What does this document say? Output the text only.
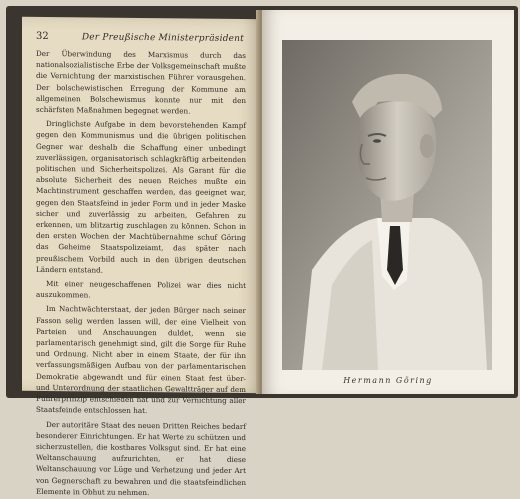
32	Der Preußische Ministerpräsident

Der Überwindung des Marxismus durch das nationalsozialistische Erbe der Volksgemeinschaft mußte die Vernichtung der marxistischen Führer vorausgehen. Der bolschewistischen Erregung der Kommune am allgemeinen Bolschewismus konnte nur mit den schärfsten Maßnahmen begegnet werden.

Dringlichste Aufgabe in dem bevorstehenden Kampf gegen den Kommunismus und die übrigen politischen Gegner war deshalb die Schaffung einer unbedingt zuverlässigen, organisatorisch schlagkräftig arbeitenden politischen und Sicherheitspolizei. Als Garant für die absolute Sicherheit des neuen Reiches mußte ein Machtinstrument geschaffen werden, das geeignet war, gegen den Staatsfeind in jeder Form und in jeder Maske sicher und zuverlässig zu arbeiten, Gefahren zu erkennen, um blitzartig zuschlagen zu können. Schon in den ersten Wochen der Machtübernahme schuf Göring das Geheime Staatspolizeiamt, das später nach preußischem Vorbild auch in den übrigen deutschen Ländern entstand.

Mit einer neugeschaffenen Polizei war dies nicht auszukommen.

Im Nachtwächterstaat, der jeden Bürger nach seiner Fasson selig werden lassen will, der eine Vielheit von Parteien und Anschauungen duldet, wenn sie parlamentarisch genehmigt sind, gilt die Sorge für Ruhe und Ordnung. Nicht aber in einem Staate, der für ihn verfassungsmäßigen Aufbau von der parlamentarischen Demokratie abgewandt und für einen Staat fest über- und Unterordnung der staatlichen Gewaltträger auf dem Führerprinzip entschieden hat und zur Vernichtung aller Staatsfeinde entschlossen hat.

Der autoritäre Staat des neuen Dritten Reiches bedarf besonderer Einrichtungen. Er hat Werte zu schützen und sicherzustellen, die kostbares Volksgut sind. Er hat eine Weltanschauung aufzurichten, er hat diese Weltanschauung vor Lüge und Verhetzung und jeder Art von Gegnerschaft zu bewahren und die staatsfeindlichen Elemente in Obhut zu nehmen.

Hermann Göring
